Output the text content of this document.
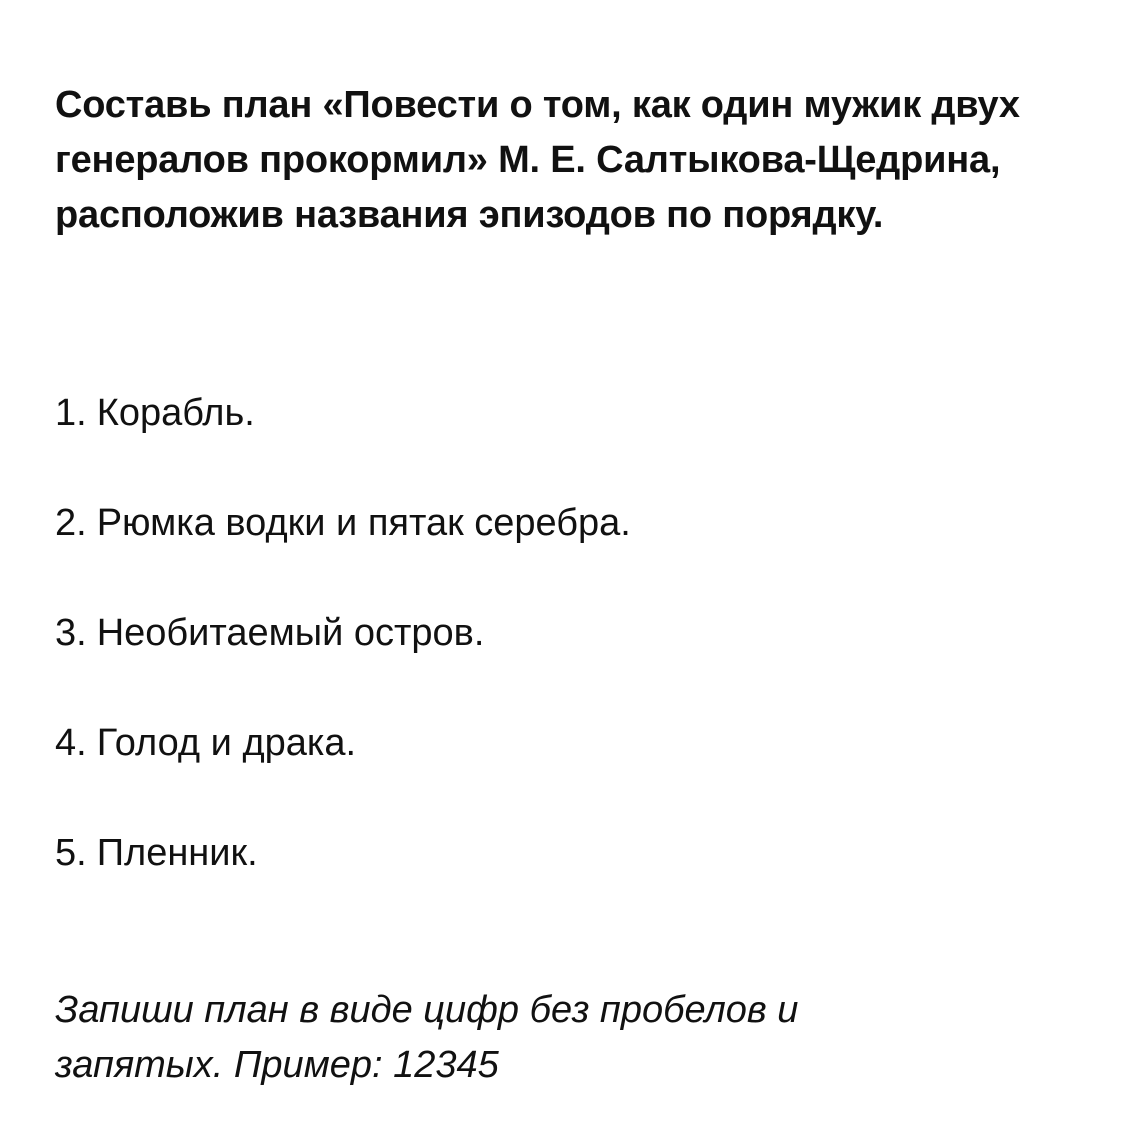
Составь план «Повести о том, как один мужик двух генералов прокормил» М. Е. Салтыкова-Щедрина, расположив названия эпизодов по порядку.

1. Корабль.
2. Рюмка водки и пятак серебра.
3. Необитаемый остров.
4. Голод и драка.
5. Пленник.

Запиши план в виде цифр без пробелов и запятых. Пример: 12345
